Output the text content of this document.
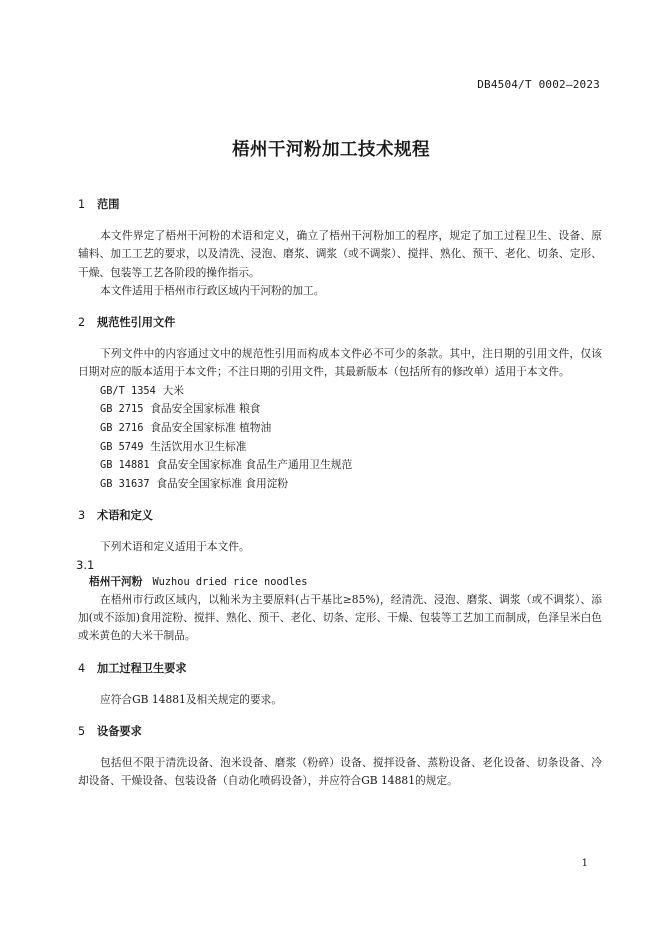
DB4504/T 0002—2023
梧州干河粉加工技术规程
1 范围

本文件界定了梧州干河粉的术语和定义，确立了梧州干河粉加工的程序，规定了加工过程卫生、设备、原辅料、加工工艺的要求，以及清洗、浸泡、磨浆、调浆（或不调浆）、搅拌、熟化、预干、老化、切条、定形、干燥、包装等工艺各阶段的操作指示。

本文件适用于梧州市行政区域内干河粉的加工。

2 规范性引用文件

下列文件中的内容通过文中的规范性引用而构成本文件必不可少的条款。其中，注日期的引用文件，仅该日期对应的版本适用于本文件；不注日期的引用文件，其最新版本（包括所有的修改单）适用于本文件。

GB/T 1354 大米
GB 2715 食品安全国家标准 粮食
GB 2716 食品安全国家标准 植物油
GB 5749 生活饮用水卫生标准
GB 14881 食品安全国家标准 食品生产通用卫生规范
GB 31637 食品安全国家标准 食用淀粉
3 术语和定义

下列术语和定义适用于本文件。

3.1
梧州干河粉 Wuzhou dried rice noodles

在梧州市行政区域内，以籼米为主要原料(占干基比≥85%)，经清洗、浸泡、磨浆、调浆（或不调浆）、添加(或不添加)食用淀粉、搅拌、熟化、预干、老化、切条、定形、干燥、包装等工艺加工而制成，色泽呈米白色或米黄色的大米干制品。

4 加工过程卫生要求

应符合GB 14881及相关规定的要求。

5 设备要求

包括但不限于清洗设备、泡米设备、磨浆（粉碎）设备、搅拌设备、蒸粉设备、老化设备、切条设备、冷却设备、干燥设备、包装设备（自动化喷码设备），并应符合GB 14881的规定。

1
